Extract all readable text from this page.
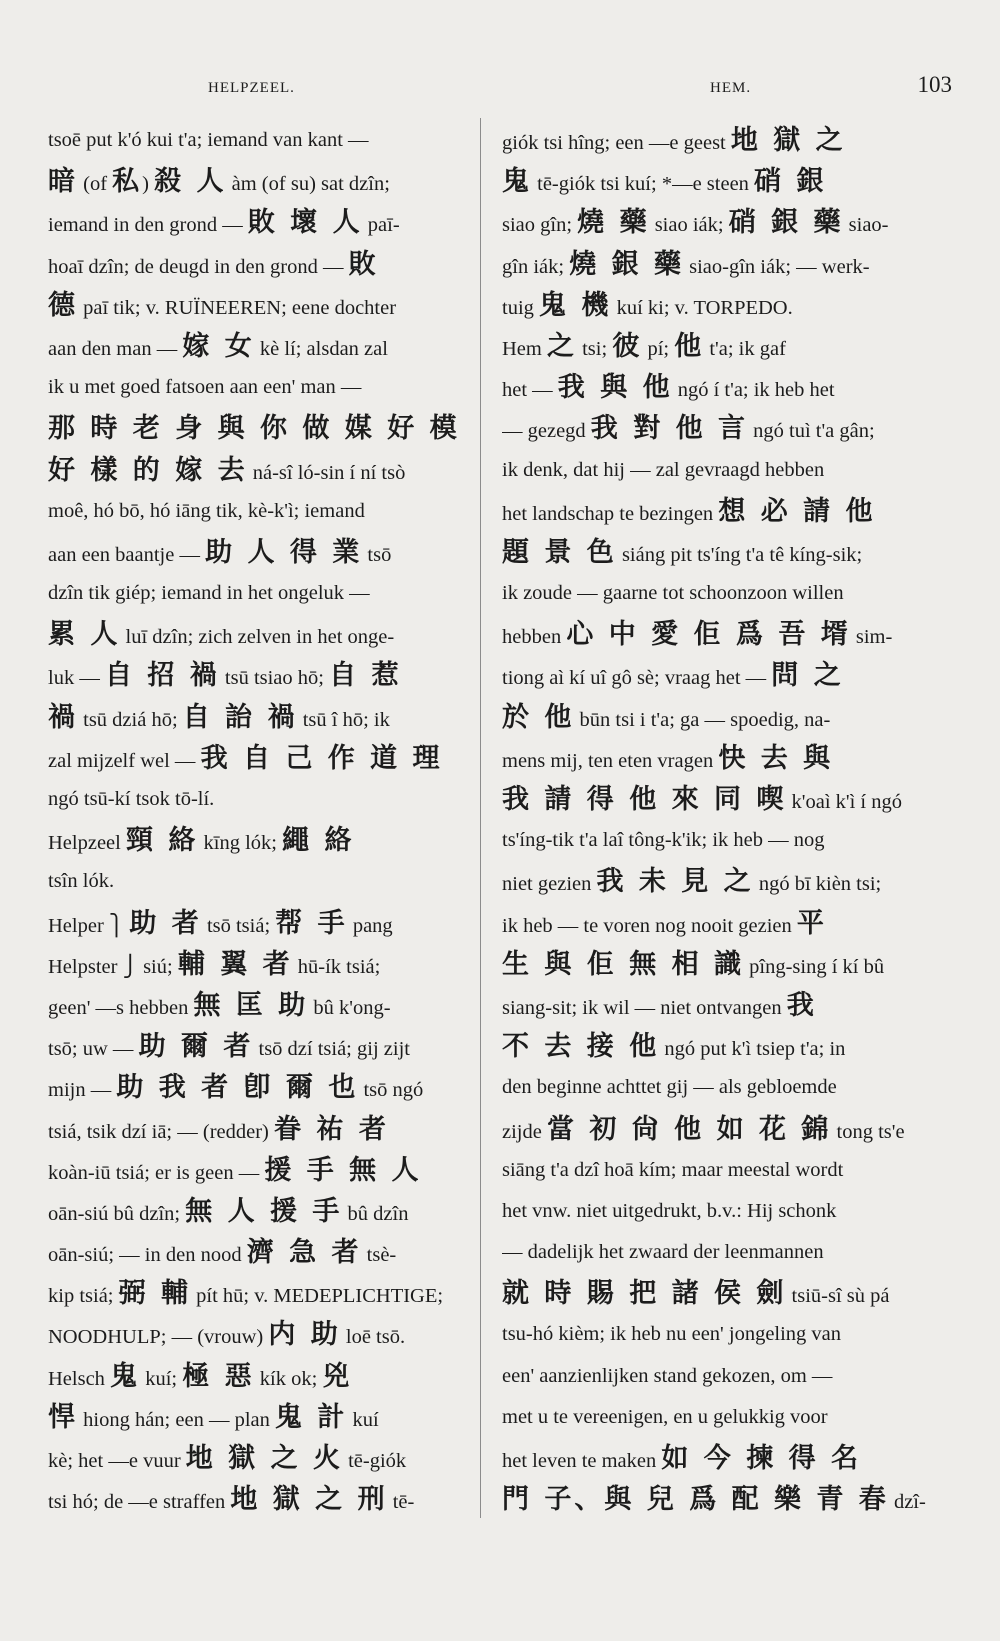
HELPZEEL.	HEM.	103
tsoē put k'ó kui t'a; iemand van kant —
暗 (of 私) 殺 人 àm (of su) sat dzîn;
iemand in den grond — 敗 壞 人 paī-
hoaī dzîn; de deugd in den grond — 敗
德 paī tik; v. RUÏNEEREN; eene dochter
aan den man — 嫁 女 kè lí; alsdan zal
ik u met goed fatsoen aan een' man —
那 時 老 身 與 你 做 媒 好 模
好 樣 的 嫁 去 ná-sî ló-sin í ní tsò
moê, hó bō, hó iāng tik, kè-k'ì; iemand
aan een baantje — 助 人 得 業 tsō
dzîn tik giép; iemand in het ongeluk —
累 人 luī dzîn; zich zelven in het onge-
luk — 自 招 禍 tsū tsiao hō; 自 惹
禍 tsū dziá hō; 自 詒 禍 tsū î hō; ik
zal mijzelf wel — 我 自 己 作 道 理
ngó tsū-kí tsok tō-lí.
Helpzeel 頸 絡 kīng lók; 繩 絡
tsîn lók.
Helper ⎫ 助 者 tsō tsiá; 帮 手 pang
Helpster ⎭ siú; 輔 翼 者 hū-ík tsiá;
geen' —s hebben 無 匡 助 bû k'ong-
tsō; uw — 助 爾 者 tsō dzí tsiá; gij zijt
mijn — 助 我 者 卽 爾 也 tsō ngó
tsiá, tsik dzí iā; — (redder) 眷 祐 者
koàn-iū tsiá; er is geen — 援 手 無 人
oān-siú bû dzîn; 無 人 援 手 bû dzîn
oān-siú; — in den nood 濟 急 者 tsè-
kip tsiá; 弼 輔 pít hū; v. MEDEPLICHTIGE;
NOODHULP; — (vrouw) 内 助 loē tsō.
Helsch 鬼 kuí; 極 惡 kík ok; 兇
悍 hiong hán; een — plan 鬼 計 kuí
kè; het —e vuur 地 獄 之 火 tē-giók
tsi hó; de —e straffen 地 獄 之 刑 tē-
giók tsi hîng; een —e geest 地 獄 之
鬼 tē-giók tsi kuí; *—e steen 硝 銀
siao gîn; 燒 藥 siao iák; 硝 銀 藥 siao-
gîn iák; 燒 銀 藥 siao-gîn iák; — werk-
tuig 鬼 機 kuí ki; v. TORPEDO.
Hem 之 tsi; 彼 pí; 他 t'a; ik gaf
het — 我 與 他 ngó í t'a; ik heb het
— gezegd 我 對 他 言 ngó tuì t'a gân;
ik denk, dat hij — zal gevraagd hebben
het landschap te bezingen 想 必 請 他
題 景 色 siáng pit ts'íng t'a tê kíng-sik;
ik zoude — gaarne tot schoonzoon willen
hebben 心 中 愛 佢 爲 吾 壻 sim-
tiong aì kí uî gô sè; vraag het — 問 之
於 他 būn tsi i t'a; ga — spoedig, na-
mens mij, ten eten vragen 快 去 與
我 請 得 他 來 同 喫 k'oaì k'ì í ngó
ts'íng-tik t'a laî tông-k'ik; ik heb — nog
niet gezien 我 未 見 之 ngó bī kièn tsi;
ik heb — te voren nog nooit gezien 平
生 與 佢 無 相 識 pîng-sing í kí bû
siang-sit; ik wil — niet ontvangen 我
不 去 接 他 ngó put k'ì tsiep t'a; in
den beginne achttet gij — als gebloemde
zijde 當 初 尙 他 如 花 錦 tong ts'e
siāng t'a dzî hoā kím; maar meestal wordt
het vnw. niet uitgedrukt, b.v.: Hij schonk
— dadelijk het zwaard der leenmannen
就 時 賜 把 諸 侯 劍 tsiū-sî sù pá
tsu-hó kièm; ik heb nu een' jongeling van
een' aanzienlijken stand gekozen, om —
met u te vereenigen, en u gelukkig voor
het leven te maken 如 今 揀 得 名
門 子、與 兒 爲 配 樂 青 春 dzî-
